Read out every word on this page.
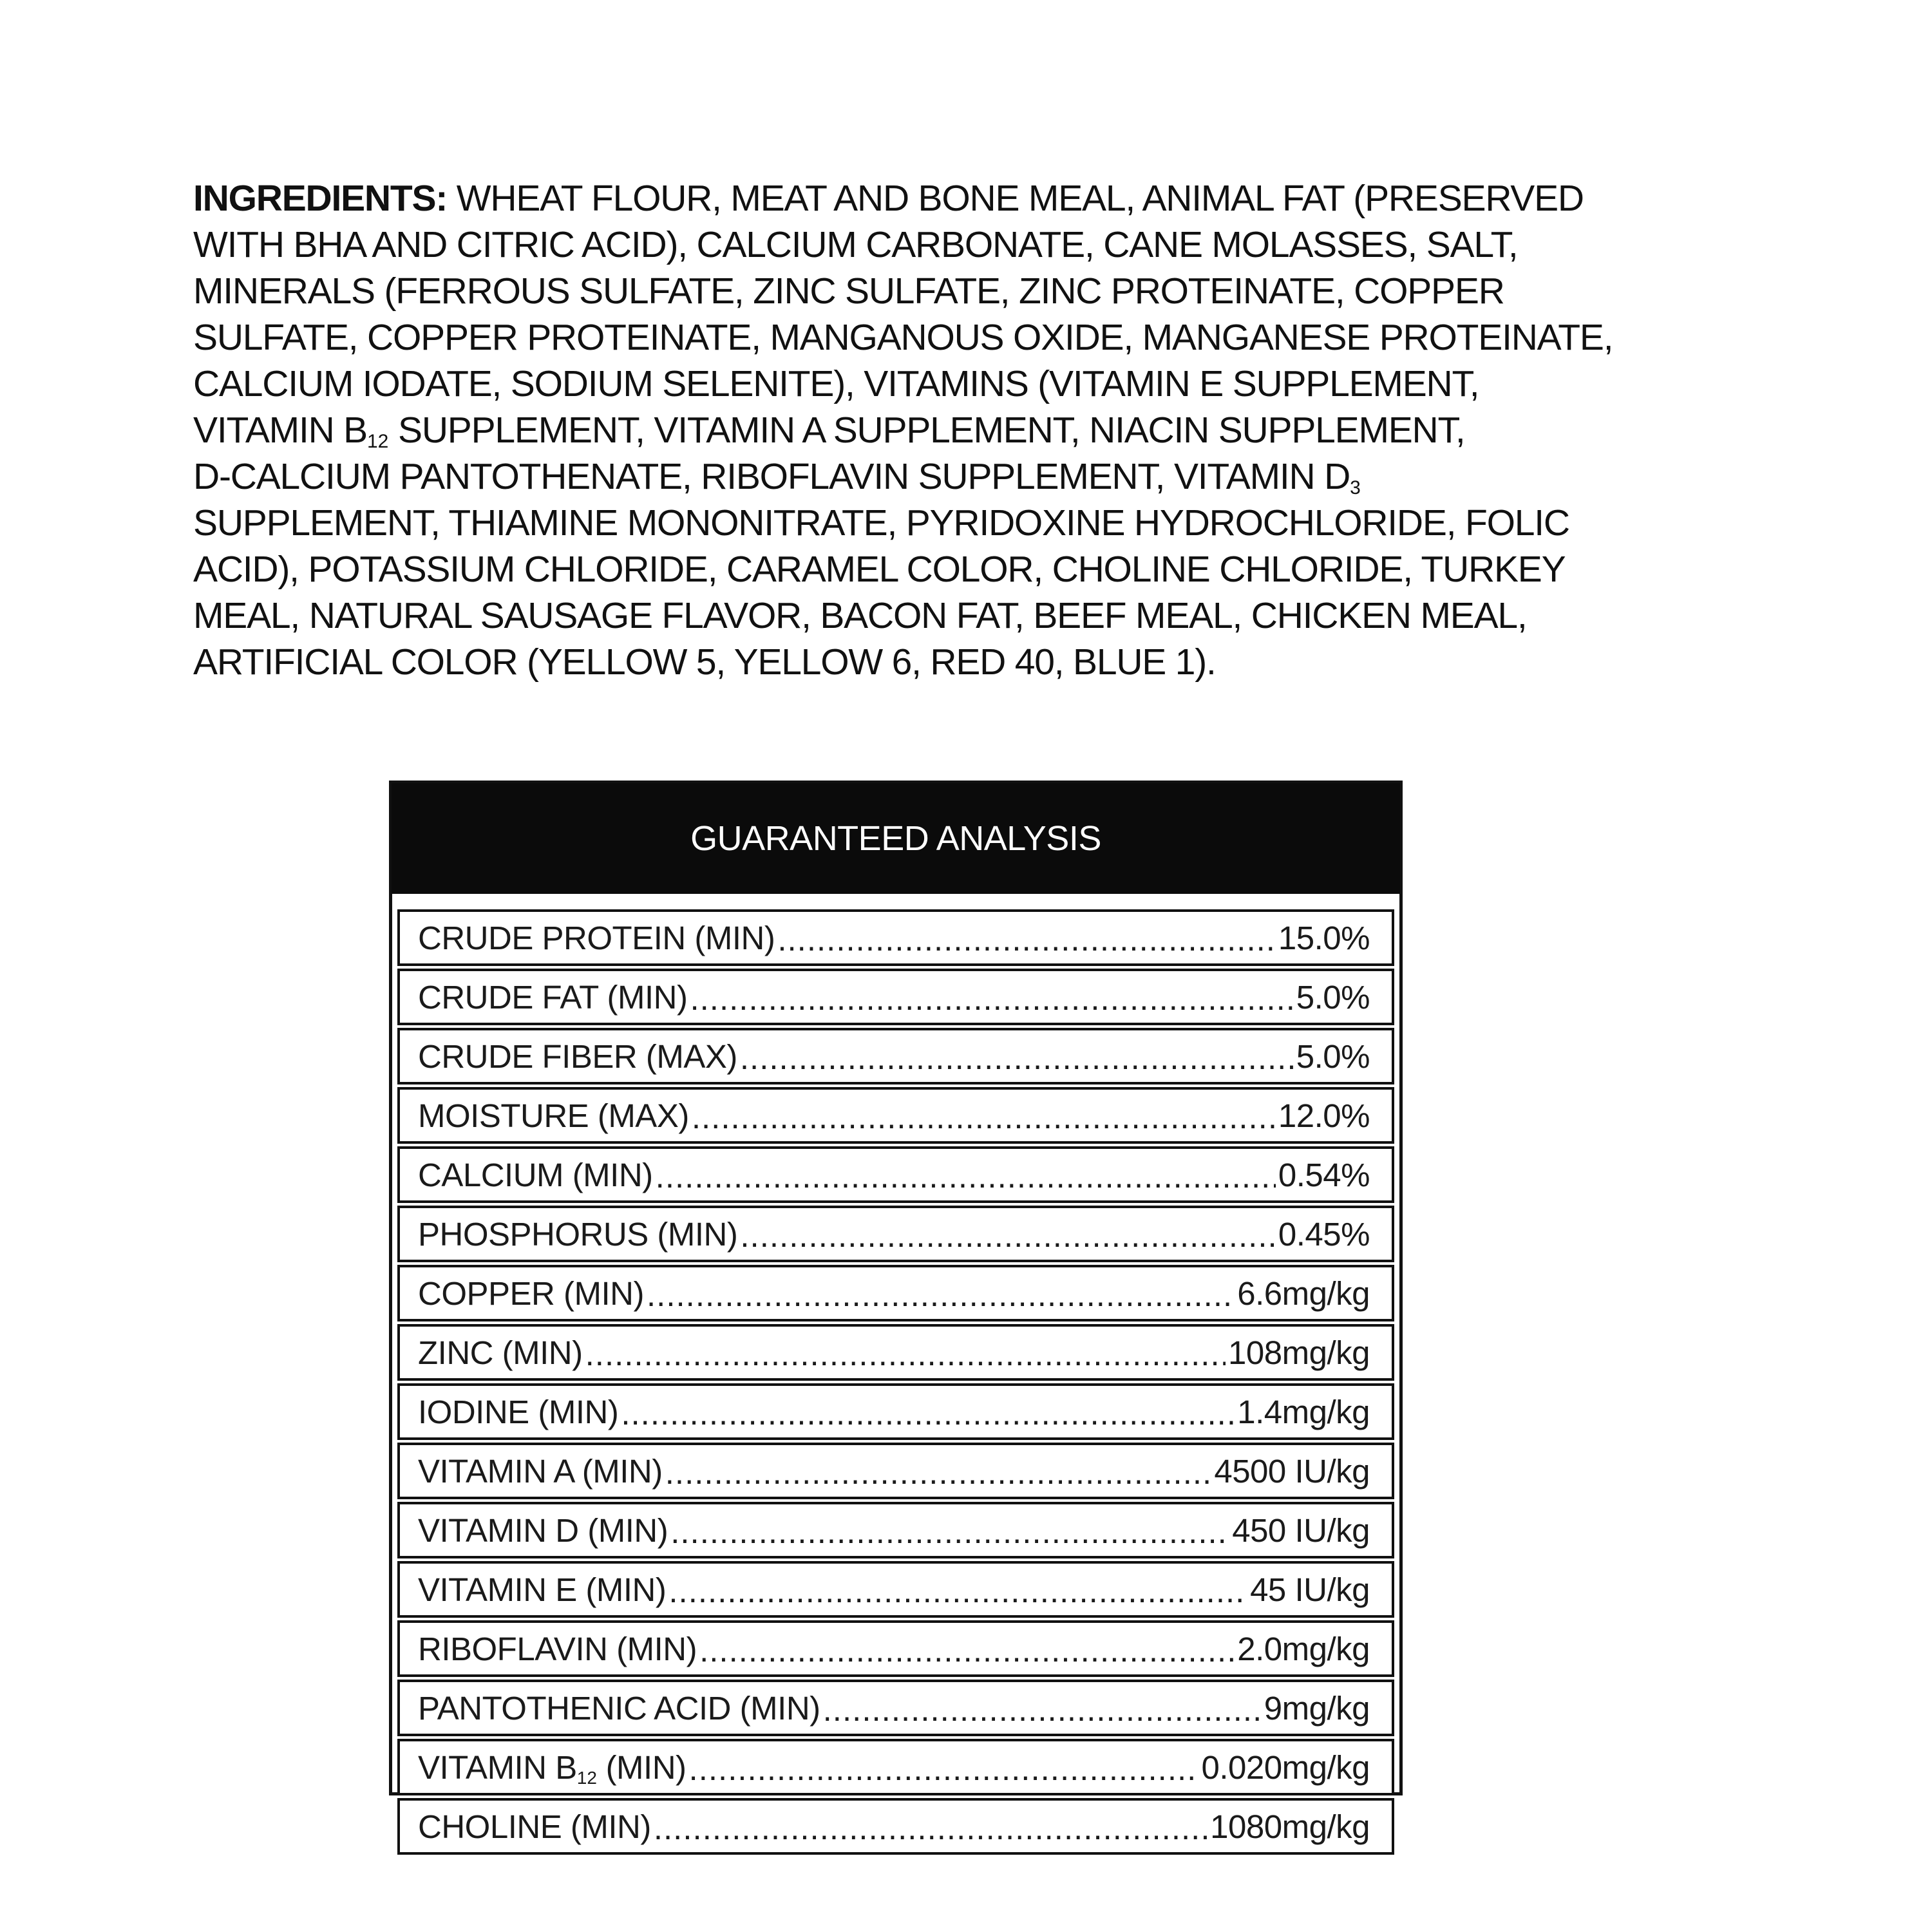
INGREDIENTS: WHEAT FLOUR, MEAT AND BONE MEAL, ANIMAL FAT (PRESERVED
WITH BHA AND CITRIC ACID), CALCIUM CARBONATE, CANE MOLASSES, SALT,
MINERALS (FERROUS SULFATE, ZINC SULFATE, ZINC PROTEINATE, COPPER
SULFATE, COPPER PROTEINATE, MANGANOUS OXIDE, MANGANESE PROTEINATE,
CALCIUM IODATE, SODIUM SELENITE), VITAMINS (VITAMIN E SUPPLEMENT,
VITAMIN $B_{12}$ SUPPLEMENT, VITAMIN A SUPPLEMENT, NIACIN SUPPLEMENT,
D-CALCIUM PANTOTHENATE, RIBOFLAVIN SUPPLEMENT, VITAMIN $D_3$
SUPPLEMENT, THIAMINE MONONITRATE, PYRIDOXINE HYDROCHLORIDE, FOLIC
ACID), POTASSIUM CHLORIDE, CARAMEL COLOR, CHOLINE CHLORIDE, TURKEY
MEAL, NATURAL SAUSAGE FLAVOR, BACON FAT, BEEF MEAL, CHICKEN MEAL,
ARTIFICIAL COLOR (YELLOW 5, YELLOW 6, RED 40, BLUE 1).
GUARANTEED ANALYSIS
CRUDE PROTEIN (MIN) .....	15.0%
CRUDE FAT (MIN) .....	5.0%
CRUDE FIBER (MAX) .....	5.0%
MOISTURE (MAX) .....	12.0%
CALCIUM (MIN) .....	0.54%
PHOSPHORUS (MIN) .....	0.45%
COPPER (MIN) .....	6.6mg/kg
ZINC (MIN) .....	108mg/kg
IODINE (MIN) .....	1.4mg/kg
VITAMIN A (MIN) .....	4500 IU/kg
VITAMIN D (MIN) .....	450 IU/kg
VITAMIN E (MIN) .....	45 IU/kg
RIBOFLAVIN (MIN) .....	2.0mg/kg
PANTOTHENIC ACID (MIN) .....	9mg/kg
VITAMIN $B_{12}$ (MIN) .....	0.020mg/kg
CHOLINE (MIN) .....	1080mg/kg
